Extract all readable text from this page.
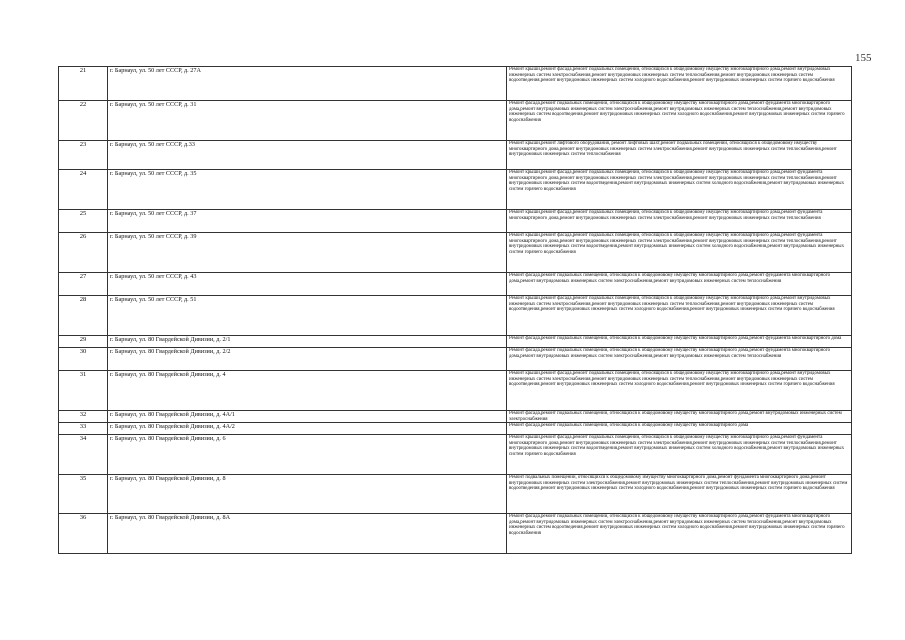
155
21	г. Барнаул, ул. 50 лет СССР, д. 27А	Ремонт крыши,ремонт фасада,ремонт подвальных помещений, относящихся к общедомовому имуществу многоквартирного дома,ремонт внутридомовых инженерных систем электроснабжения,ремонт внутридомовых инженерных систем теплоснабжения,ремонт внутридомовых инженерных систем водоотведения,ремонт внутридомовых инженерных систем холодного водоснабжения,ремонт внутридомовых инженерных систем горячего водоснабжения

22	г. Барнаул, ул. 50 лет СССР, д. 31	Ремонт фасада,ремонт подвальных помещений, относящихся к общедомовому имуществу многоквартирного дома,ремонт фундамента многоквартирного дома,ремонт внутридомовых инженерных систем электроснабжения,ремонт внутридомовых инженерных систем теплоснабжения,ремонт внутридомовых инженерных систем водоотведения,ремонт внутридомовых инженерных систем холодного водоснабжения,ремонт внутридомовых инженерных систем горячего водоснабжения

23	г. Барнаул, ул. 50 лет СССР, д.33	Ремонт крыши,ремонт лифтового оборудования, ремонт лифтовых шахт,ремонт подвальных помещений, относящихся к общедомовому имуществу многоквартирного дома,ремонт внутридомовых инженерных систем электроснабжения,ремонт внутридомовых инженерных систем теплоснабжения,ремонт внутридомовых инженерных систем теплоснабжения

24	г. Барнаул, ул. 50 лет СССР, д. 35	Ремонт крыши,ремонт фасада,ремонт подвальных помещений, относящихся к общедомовому имуществу многоквартирного дома,ремонт фундамента многоквартирного дома,ремонт внутридомовых инженерных систем электроснабжения,ремонт внутридомовых инженерных систем теплоснабжения,ремонт внутридомовых инженерных систем водоотведения,ремонт внутридомовых инженерных систем холодного водоснабжения,ремонт внутридомовых инженерных систем горячего водоснабжения

25	г. Барнаул, ул. 50 лет СССР, д. 37	Ремонт крыши,ремонт фасада,ремонт подвальных помещений, относящихся к общедомовому имуществу многоквартирного дома,ремонт фундамента многоквартирного дома,ремонт внутридомовых инженерных систем электроснабжения,ремонт внутридомовых инженерных систем теплоснабжения

26	г. Барнаул, ул. 50 лет СССР, д. 39	Ремонт крыши,ремонт фасада,ремонт подвальных помещений, относящихся к общедомовому имуществу многоквартирного дома,ремонт фундамента многоквартирного дома,ремонт внутридомовых инженерных систем электроснабжения,ремонт внутридомовых инженерных систем теплоснабжения,ремонт внутридомовых инженерных систем водоотведения,ремонт внутридомовых инженерных систем холодного водоснабжения,ремонт внутридомовых инженерных систем горячего водоснабжения

27	г. Барнаул, ул. 50 лет СССР, д. 43	Ремонт фасада,ремонт подвальных помещений, относящихся к общедомовому имуществу многоквартирного дома,ремонт фундамента многоквартирного дома,ремонт внутридомовых инженерных систем электроснабжения,ремонт внутридомовых инженерных систем теплоснабжения

28	г. Барнаул, ул. 50 лет СССР, д. 51	Ремонт крыши,ремонт фасада,ремонт подвальных помещений, относящихся к общедомовому имуществу многоквартирного дома,ремонт внутридомовых инженерных систем электроснабжения,ремонт внутридомовых инженерных систем теплоснабжения,ремонт внутридомовых инженерных систем водоотведения,ремонт внутридомовых инженерных систем холодного водоснабжения,ремонт внутридомовых инженерных систем горячего водоснабжения

29	г. Барнаул, ул. 80 Гвардейской Дивизии, д. 2/1	Ремонт фасада,ремонт подвальных помещений, относящихся к общедомовому имуществу многоквартирного дома,ремонт фундамента многоквартирного дома

30	г. Барнаул, ул. 80 Гвардейской Дивизии, д. 2/2	Ремонт фасада,ремонт подвальных помещений, относящихся к общедомовому имуществу многоквартирного дома,ремонт фундамента многоквартирного дома,ремонт внутридомовых инженерных систем электроснабжения,ремонт внутридомовых инженерных систем теплоснабжения

31	г. Барнаул, ул. 80 Гвардейской Дивизии, д. 4	Ремонт крыши,ремонт фасада,ремонт подвальных помещений, относящихся к общедомовому имуществу многоквартирного дома,ремонт внутридомовых инженерных систем электроснабжения,ремонт внутридомовых инженерных систем теплоснабжения,ремонт внутридомовых инженерных систем водоотведения,ремонт внутридомовых инженерных систем холодного водоснабжения,ремонт внутридомовых инженерных систем горячего водоснабжения

32	г. Барнаул, ул. 80 Гвардейской Дивизии, д. 4А/1	Ремонт фасада,ремонт подвальных помещений, относящихся к общедомовому имуществу многоквартирного дома,ремонт внутридомовых инженерных систем электроснабжения

33	г. Барнаул, ул. 80 Гвардейской Дивизии, д. 4А/2	Ремонт фасада,ремонт подвальных помещений, относящихся к общедомовому имуществу многоквартирного дома

34	г. Барнаул, ул. 80 Гвардейской Дивизии, д. 6	Ремонт крыши,ремонт фасада,ремонт подвальных помещений, относящихся к общедомовому имуществу многоквартирного дома,ремонт фундамента многоквартирного дома,ремонт внутридомовых инженерных систем электроснабжения,ремонт внутридомовых инженерных систем теплоснабжения,ремонт внутридомовых инженерных систем водоотведения,ремонт внутридомовых инженерных систем холодного водоснабжения,ремонт внутридомовых инженерных систем горячего водоснабжения

35	г. Барнаул, ул. 80 Гвардейской Дивизии, д. 8	Ремонт подвальных помещений, относящихся к общедомовому имуществу многоквартирного дома,ремонт фундамента многоквартирного дома,ремонт внутридомовых инженерных систем электроснабжения,ремонт внутридомовых инженерных систем теплоснабжения,ремонт внутридомовых инженерных систем водоотведения,ремонт внутридомовых инженерных систем холодного водоснабжения,ремонт внутридомовых инженерных систем горячего водоснабжения

36	г. Барнаул, ул. 80 Гвардейской Дивизии, д. 8А	Ремонт фасада,ремонт подвальных помещений, относящихся к общедомовому имуществу многоквартирного дома,ремонт фундамента многоквартирного дома,ремонт внутридомовых инженерных систем электроснабжения,ремонт внутридомовых инженерных систем теплоснабжения,ремонт внутридомовых инженерных систем водоотведения,ремонт внутридомовых инженерных систем холодного водоснабжения,ремонт внутридомовых инженерных систем горячего водоснабжения
